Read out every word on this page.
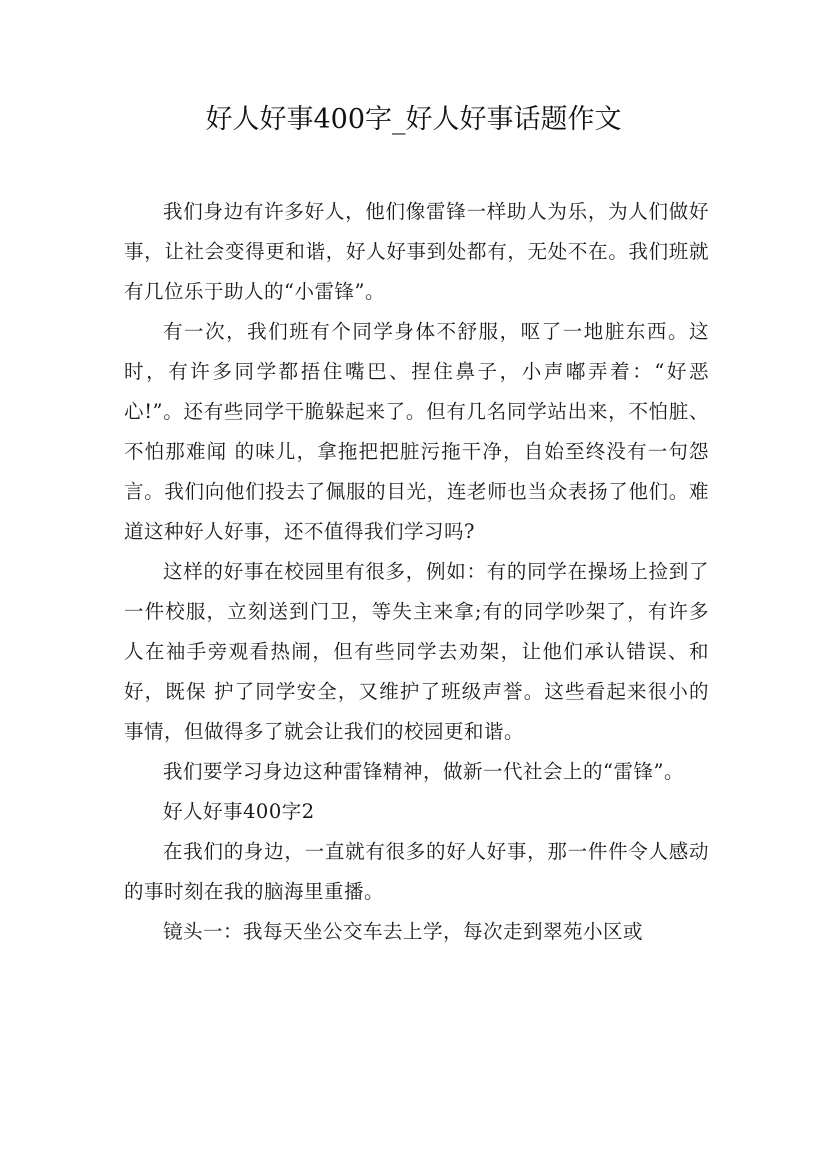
好人好事400字_好人好事话题作文

我们身边有许多好人，他们像雷锋一样助人为乐，为人们做好事，让社会变得更和谐，好人好事到处都有，无处不在。我们班就有几位乐于助人的“小雷锋”。

有一次，我们班有个同学身体不舒服，呕了一地脏东西。这时，有许多同学都捂住嘴巴、捏住鼻子，小声嘟弄着：“好恶心!”。还有些同学干脆躲起来了。但有几名同学站出来，不怕脏、不怕那难闻 的味儿，拿拖把把脏污拖干净，自始至终没有一句怨言。我们向他们投去了佩服的目光，连老师也当众表扬了他们。难道这种好人好事，还不值得我们学习吗?

这样的好事在校园里有很多，例如：有的同学在操场上捡到了一件校服，立刻送到门卫，等失主来拿;有的同学吵架了，有许多人在袖手旁观看热闹，但有些同学去劝架，让他们承认错误、和好，既保 护了同学安全，又维护了班级声誉。这些看起来很小的事情，但做得多了就会让我们的校园更和谐。

我们要学习身边这种雷锋精神，做新一代社会上的“雷锋”。

好人好事400字2

在我们的身边，一直就有很多的好人好事，那一件件令人感动的事时刻在我的脑海里重播。

镜头一：我每天坐公交车去上学，每次走到翠苑小区或
